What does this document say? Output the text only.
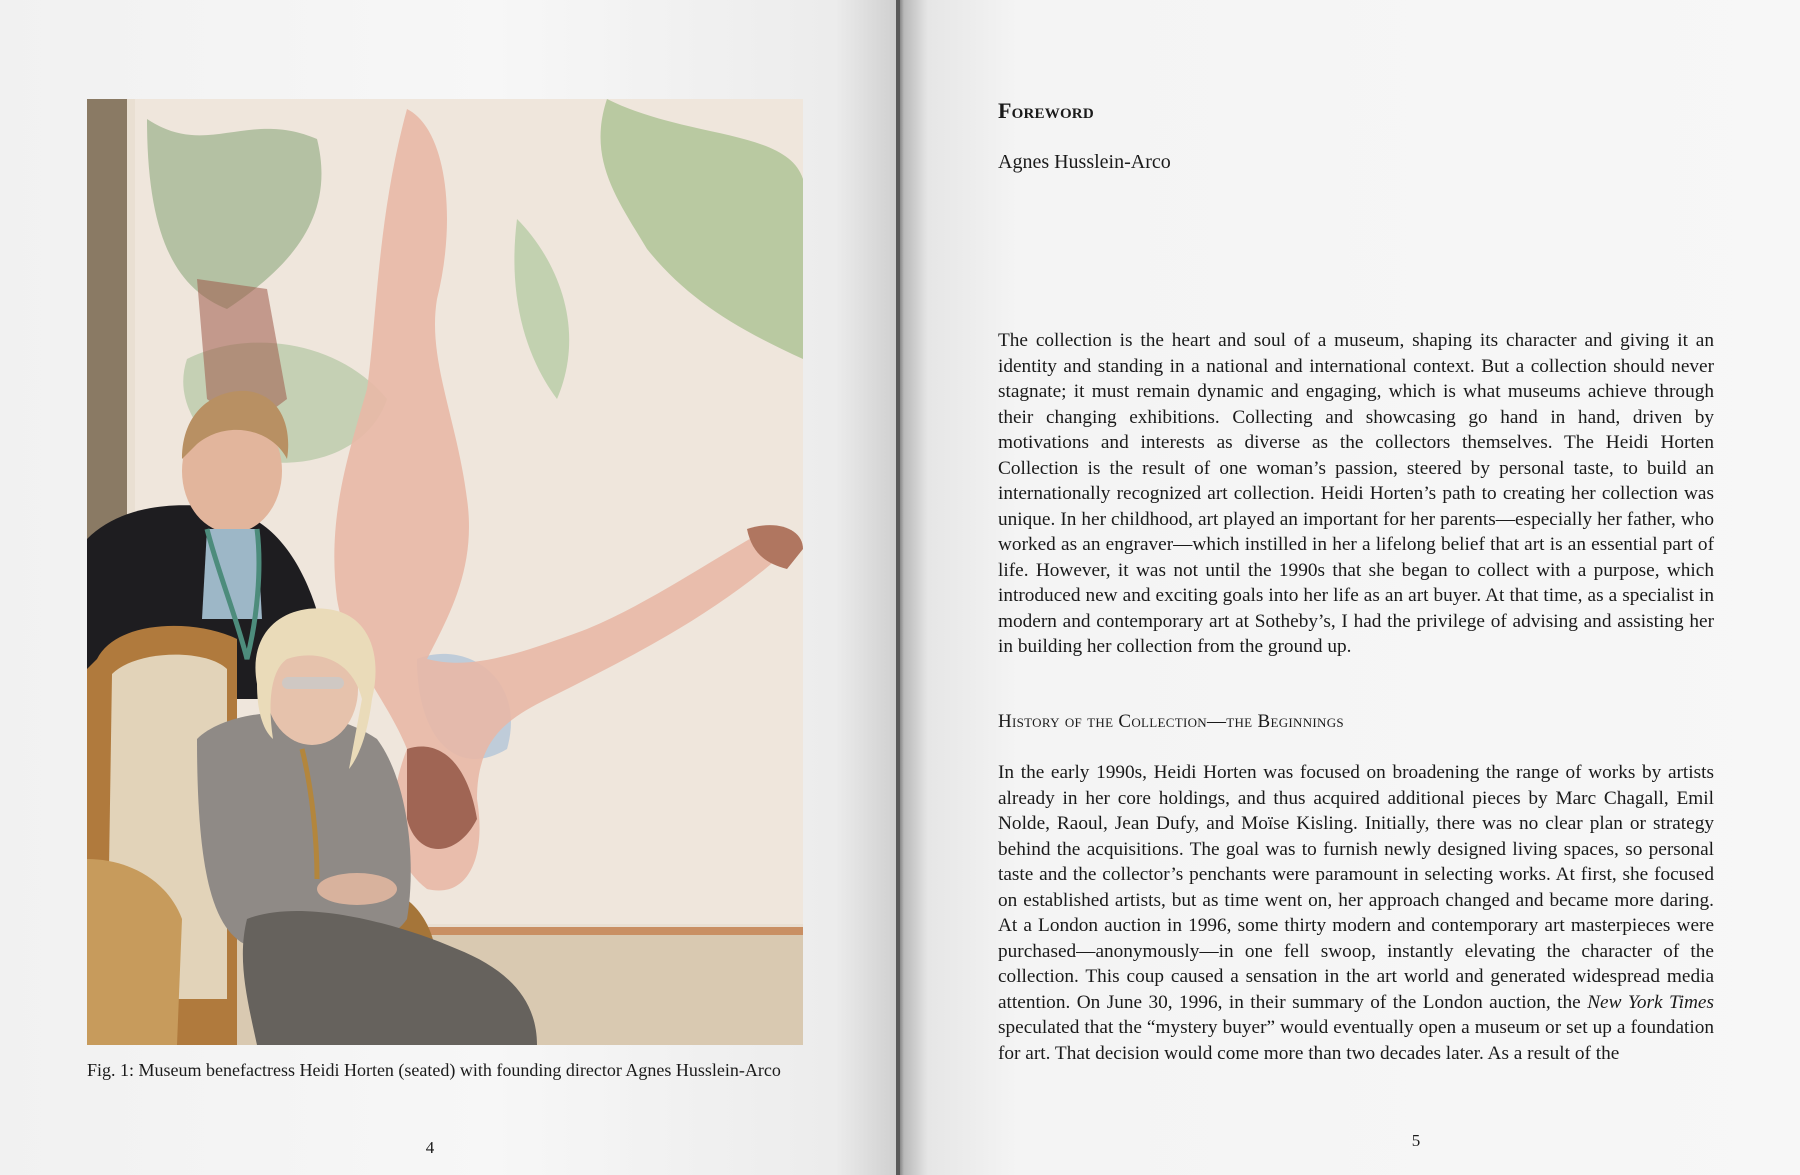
Fig. 1: Museum benefactress Heidi Horten (seated) with founding director Agnes Husslein-Arco
4
Foreword
Agnes Husslein-Arco

The collection is the heart and soul of a museum, shaping its character and giving it an identity and standing in a national and international context. But a collection should never stagnate; it must remain dynamic and engaging, which is what museums achieve through their changing exhibitions. Collecting and showcasing go hand in hand, driven by motivations and interests as diverse as the collectors themselves. The Heidi Horten Collection is the result of one woman’s passion, steered by personal taste, to build an internationally recognized art collection. Heidi Horten’s path to creating her collection was unique. In her childhood, art played an important for her parents—especially her father, who worked as an engraver—which instilled in her a lifelong belief that art is an essential part of life. However, it was not until the 1990s that she began to collect with a purpose, which introduced new and exciting goals into her life as an art buyer. At that time, as a specialist in modern and contemporary art at Sotheby’s, I had the privilege of advising and assisting her in building her collection from the ground up.

History of the Collection—the Beginnings

In the early 1990s, Heidi Horten was focused on broadening the range of works by artists already in her core holdings, and thus acquired additional pieces by Marc Chagall, Emil Nolde, Raoul, Jean Dufy, and Moïse Kisling. Initially, there was no clear plan or strategy behind the acquisitions. The goal was to furnish newly designed living spaces, so personal taste and the collector’s penchants were paramount in selecting works. At first, she focused on established artists, but as time went on, her approach changed and became more daring. At a London auction in 1996, some thirty modern and contemporary art masterpieces were purchased—anonymously—in one fell swoop, instantly elevating the character of the collection. This coup caused a sensation in the art world and generated widespread media attention. On June 30, 1996, in their summary of the London auction, the New York Times speculated that the “mystery buyer” would eventually open a museum or set up a foundation for art. That decision would come more than two decades later. As a result of the

5
